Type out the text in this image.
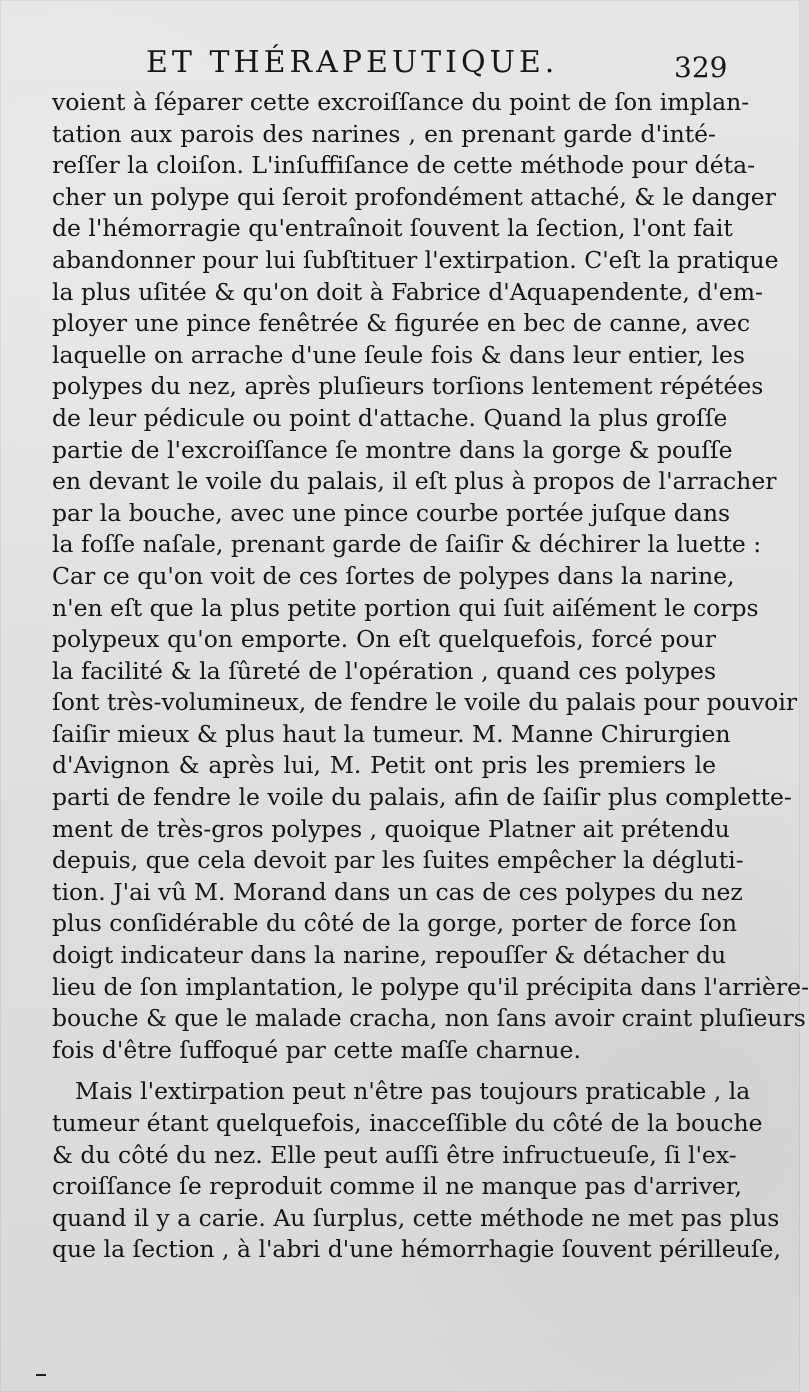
ET THÉRAPEUTIQUE.	329
voient à ſéparer cette excroiſſance du point de ſon implan-
tation aux parois des narines , en prenant garde d'inté-
reſſer la cloiſon. L'inſuffiſance de cette méthode pour déta-
cher un polype qui ſeroit profondément attaché, & le danger
de l'hémorragie qu'entraînoit ſouvent la ſection, l'ont fait
abandonner pour lui ſubſtituer l'extirpation. C'eſt la pratique
la plus uſitée & qu'on doit à Fabrice d'Aquapendente, d'em-
ployer une pince fenêtrée & figurée en bec de canne, avec
laquelle on arrache d'une ſeule fois & dans leur entier, les
polypes du nez, après pluſieurs torſions lentement répétées
de leur pédicule ou point d'attache. Quand la plus groſſe
partie de l'excroiſſance ſe montre dans la gorge & pouſſe
en devant le voile du palais, il eſt plus à propos de l'arracher
par la bouche, avec une pince courbe portée juſque dans
la foſſe naſale, prenant garde de ſaiſir & déchirer la luette :
Car ce qu'on voit de ces ſortes de polypes dans la narine,
n'en eſt que la plus petite portion qui ſuit aiſément le corps
polypeux qu'on emporte. On eſt quelquefois, forcé pour
la facilité & la ſûreté de l'opération , quand ces polypes
ſont très-volumineux, de fendre le voile du palais pour pouvoir
ſaiſir mieux & plus haut la tumeur. M. Manne Chirurgien
d'Avignon & après lui, M. Petit ont pris les premiers le
parti de fendre le voile du palais, afin de ſaiſir plus complette-
ment de très-gros polypes , quoique Platner ait prétendu
depuis, que cela devoit par les ſuites empêcher la dégluti-
tion. J'ai vû M. Morand dans un cas de ces polypes du nez
plus conſidérable du côté de la gorge, porter de force ſon
doigt indicateur dans la narine, repouſſer & détacher du
lieu de ſon implantation, le polype qu'il précipita dans l'arrière-
bouche & que le malade cracha, non ſans avoir craint pluſieurs
fois d'être ſuffoqué par cette maſſe charnue.
Mais l'extirpation peut n'être pas toujours praticable , la
tumeur étant quelquefois, inacceſſible du côté de la bouche
& du côté du nez. Elle peut auſſi être infructueuſe, ſi l'ex-
croiſſance ſe reproduit comme il ne manque pas d'arriver,
quand il y a carie. Au ſurplus, cette méthode ne met pas plus
que la ſection , à l'abri d'une hémorrhagie ſouvent périlleuſe,
